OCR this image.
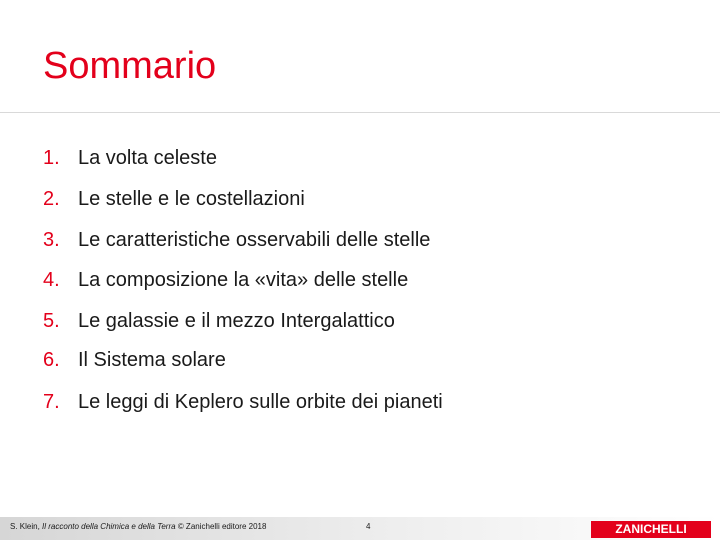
Sommario
1. La volta celeste
2. Le stelle e le costellazioni
3. Le caratteristiche osservabili delle stelle
4. La composizione la «vita» delle stelle
5. Le galassie e il mezzo Intergalattico
6. Il Sistema solare
7. Le leggi di Keplero sulle orbite dei pianeti
S. Klein, Il racconto della Chimica e della Terra © Zanichelli editore 2018	4	ZANICHELLI
